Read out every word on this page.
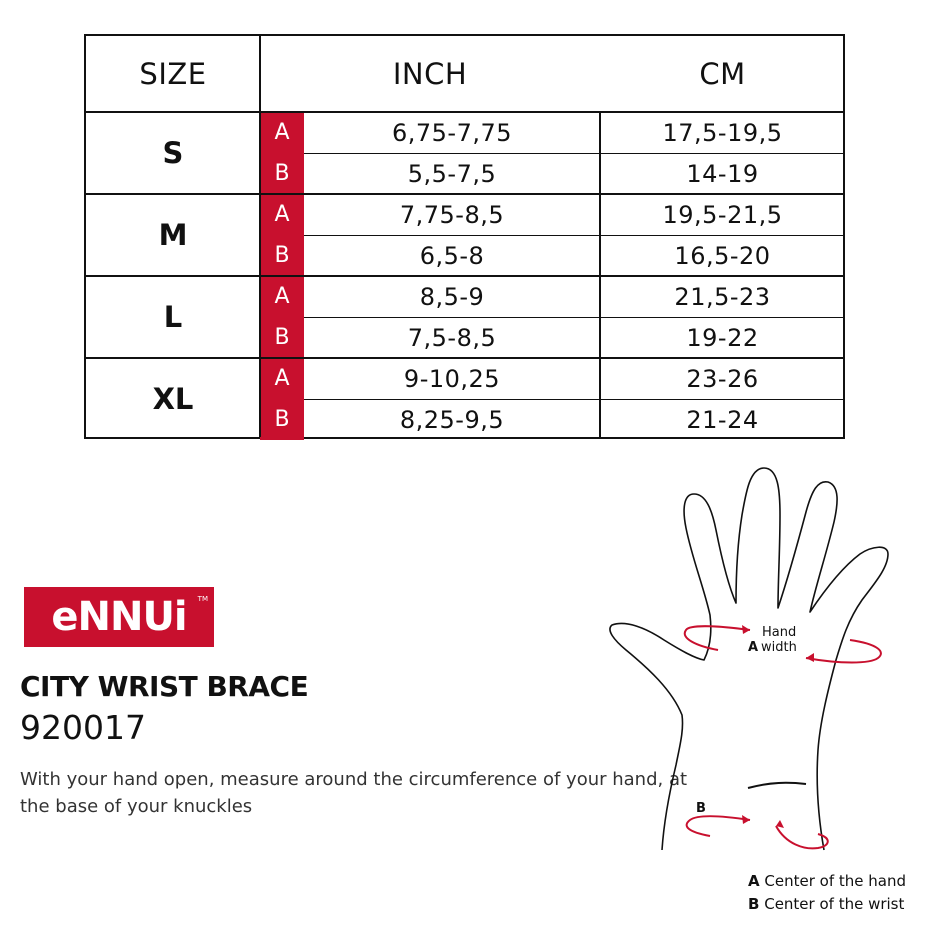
SIZE	INCH	CM
S
A	6,75-7,75	17,5-19,5
B	5,5-7,5	14-19
M
A	7,75-8,5	19,5-21,5
B	6,5-8	16,5-20
L
A	8,5-9	21,5-23
B	7,5-8,5	19-22
XL
A	9-10,25	23-26
B	8,25-9,5	21-24
eNNUi TM
CITY WRIST BRACE
920017
With your hand open, measure around the circumference of your hand, at the base of your knuckles
Hand
A width
B
A Center of the hand
B Center of the wrist
